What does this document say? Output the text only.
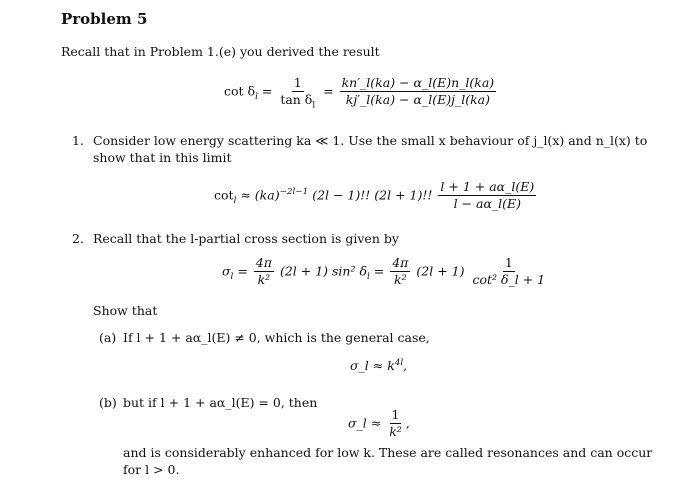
Problem 5
Recall that in Problem 1.(e) you derived the result
$\cot \delta_l = \frac{1}{\tan \delta_l} = \frac{kn'\_l(ka) - \alpha\_l(E)n\_l(ka)}{kj'\_l(ka) - \alpha\_l(E)j\_l(ka)}$
1. Consider low energy scattering ka ≪ 1. Use the small x behaviour of j_l(x) and n_l(x) to
show that in this limit
$\cot_l \approx (ka)^{-2l-1}$ (2l − 1)!! (2l + 1)!! $\frac{l + 1 + a\alpha\_l(E)}{l - a\alpha\_l(E)}$
2. Recall that the l-partial cross section is given by
$\sigma_l = \frac{4\pi}{\text{k²}} (2l + 1)$ sin² $\delta_l = \frac{4\pi}{\text{k²}} (2l + 1) \frac{1}{\text{cot² δ\_l + 1}}$
Show that
(a) If l + 1 + aα_l(E) ≠ 0, which is the general case,
σ_l ≈ $k^{4l}$,
(b) but if l + 1 + aα_l(E) = 0, then
σ_l ≈ $\frac{1}{\text{k²}}$ ,
and is considerably enhanced for low k. These are called resonances and can occur
for l > 0.
